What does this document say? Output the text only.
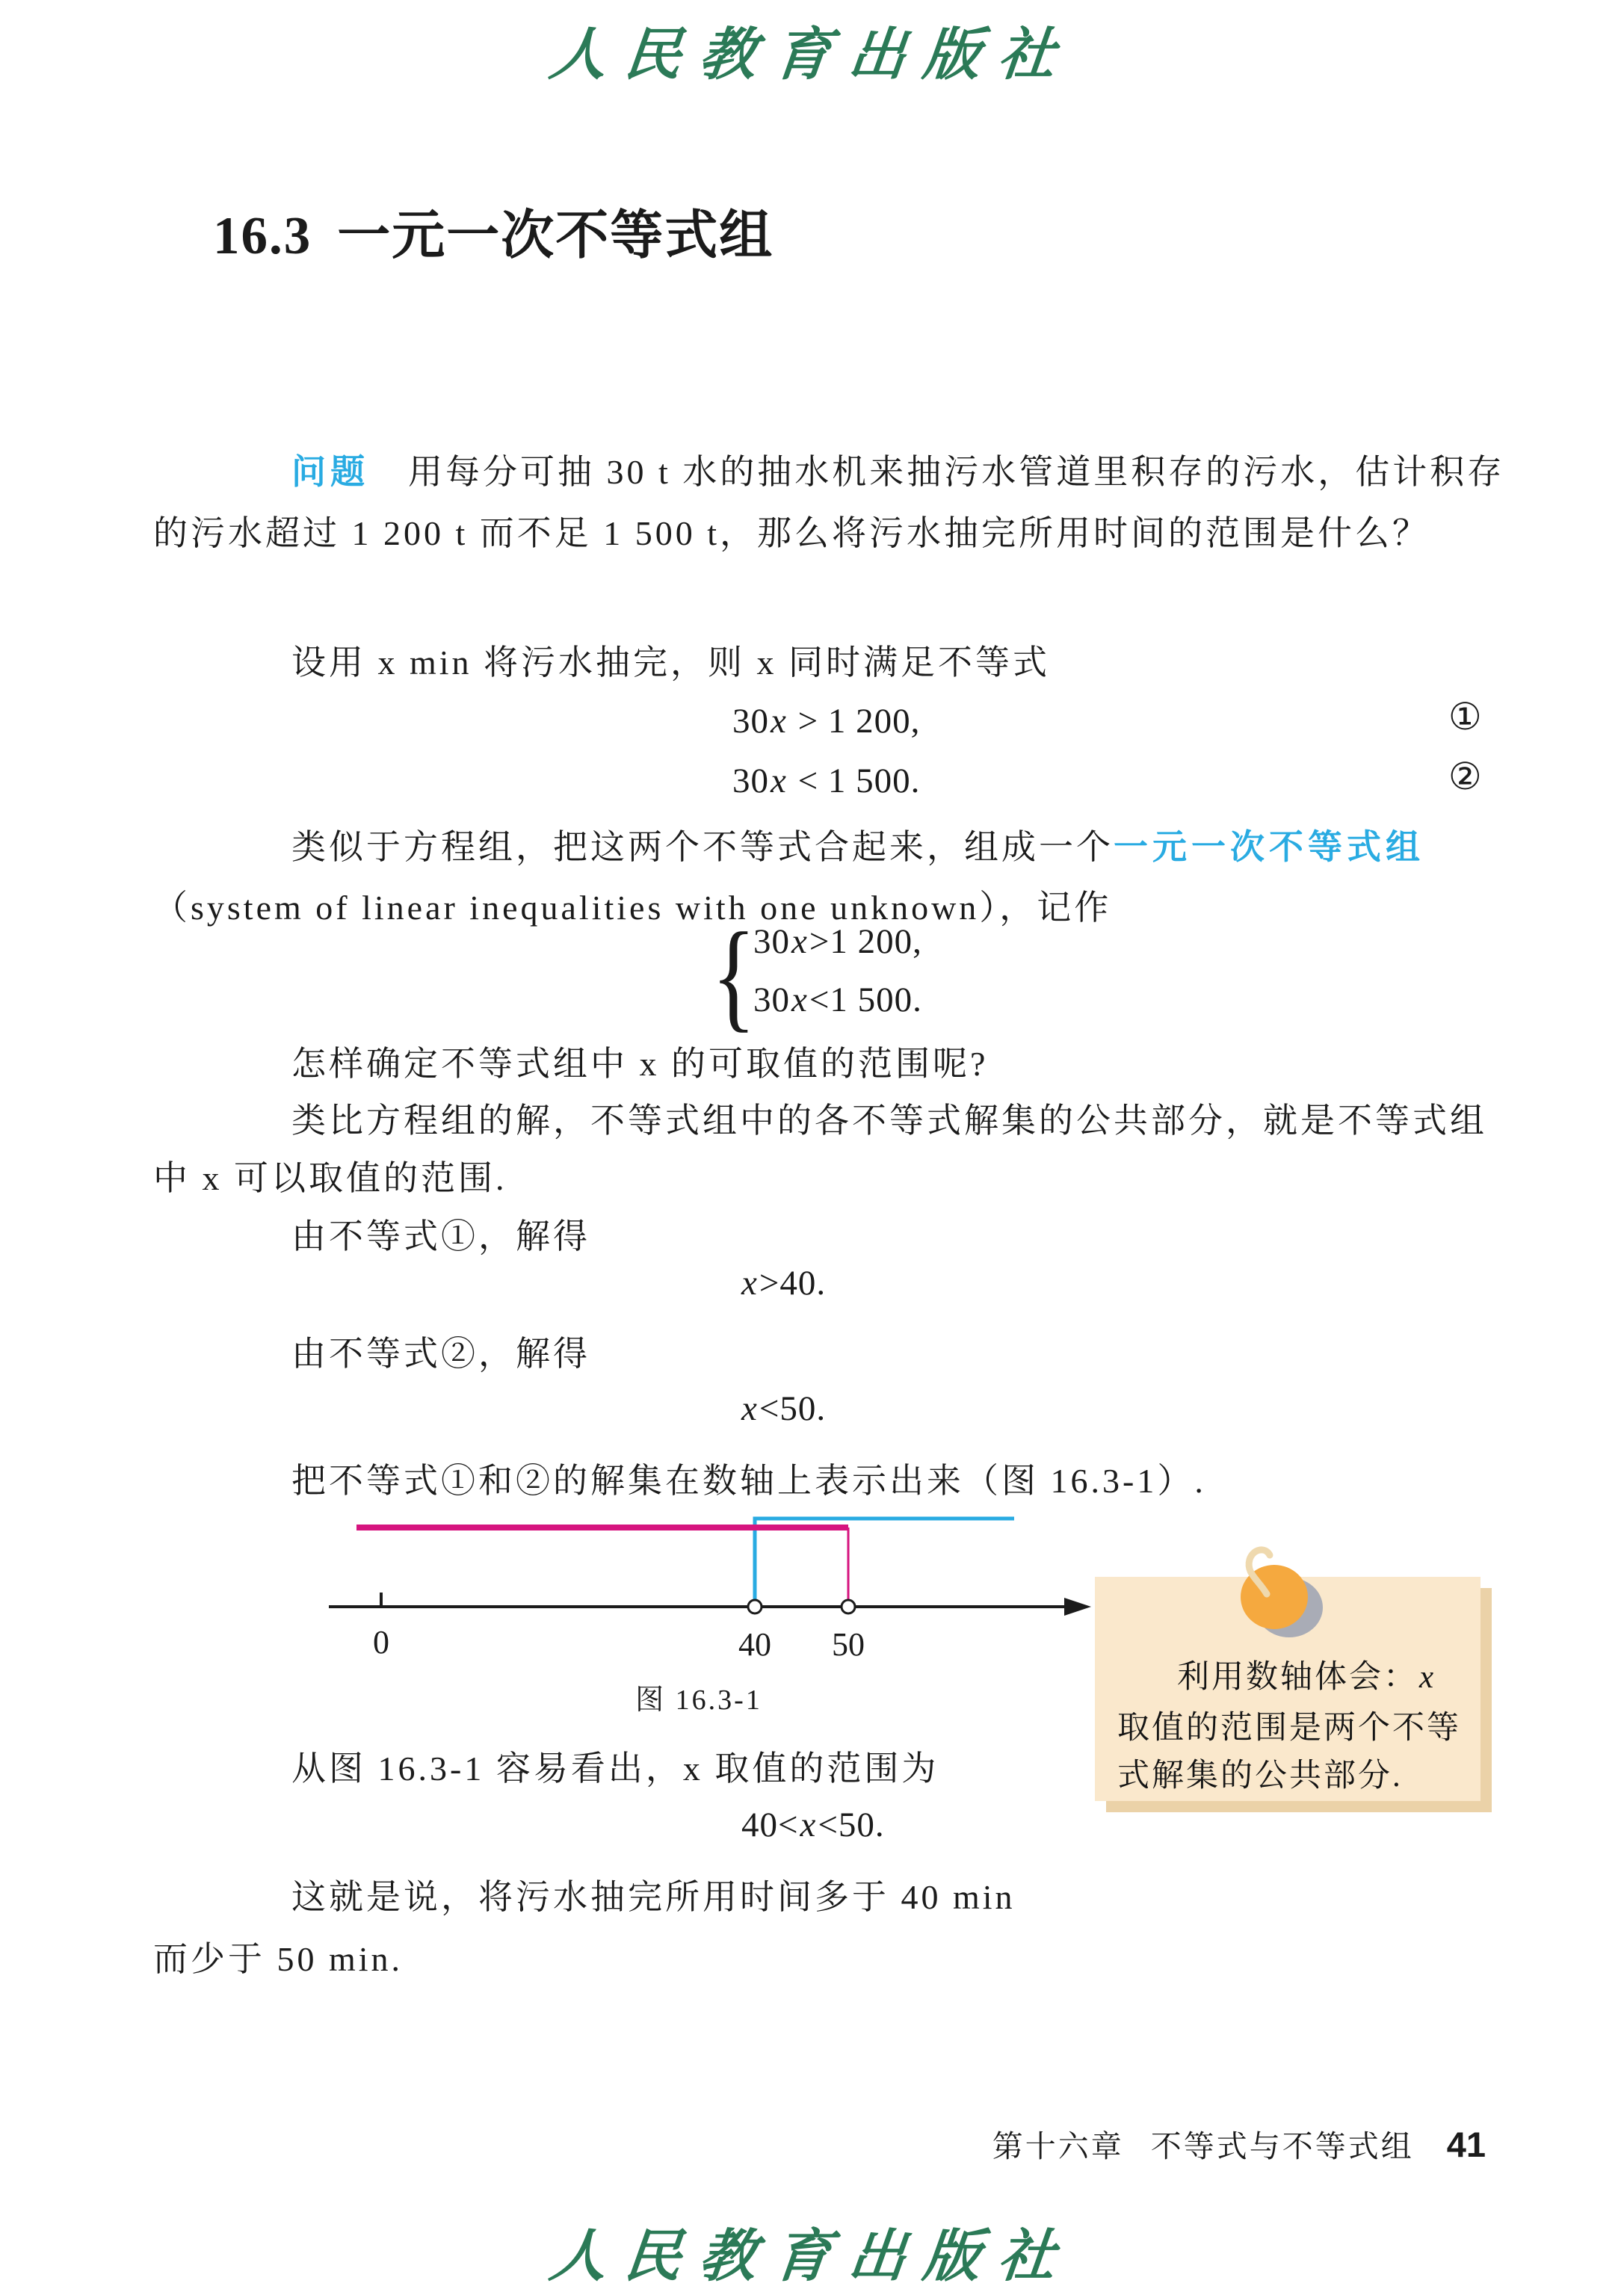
人民教育出版社
16.3 一元一次不等式组
问题 用每分可抽 30 t 水的抽水机来抽污水管道里积存的污水，估计积存
的污水超过 1 200 t 而不足 1 500 t，那么将污水抽完所用时间的范围是什么？
设用 x min 将污水抽完，则 x 同时满足不等式
30x > 1 200,	①
30x < 1 500.	②
类似于方程组，把这两个不等式合起来，组成一个一元一次不等式组
（system of linear inequalities with one unknown），记作
{
30x>1 200,
30x<1 500.
怎样确定不等式组中 x 的可取值的范围呢?
类比方程组的解，不等式组中的各不等式解集的公共部分，就是不等式组
中 x 可以取值的范围.
由不等式①，解得
x>40.
由不等式②，解得
x<50.
把不等式①和②的解集在数轴上表示出来（图 16.3-1）.
0	40 50
图 16.3-1
利用数轴体会：x
取值的范围是两个不等
式解集的公共部分.
从图 16.3-1 容易看出，x 取值的范围为
40<x<50.
这就是说，将污水抽完所用时间多于 40 min
而少于 50 min.
第十六章 不等式与不等式组 41
人民教育出版社
